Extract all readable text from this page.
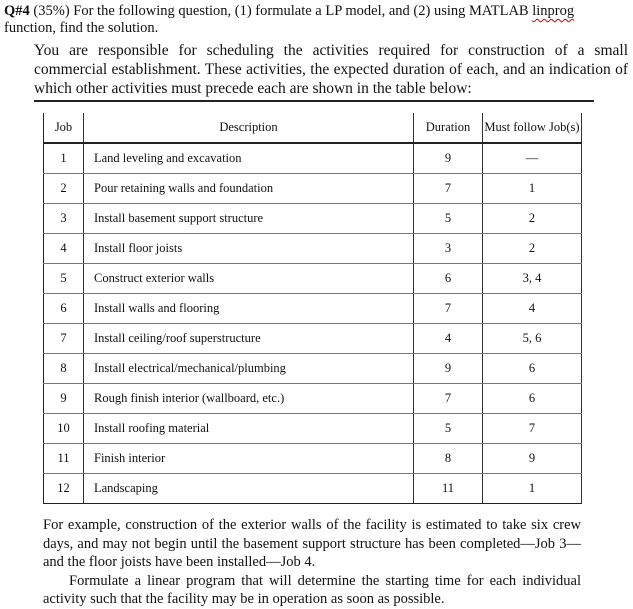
Q#4 (35%) For the following question, (1) formulate a LP model, and (2) using MATLAB linprog function, find the solution.
You are responsible for scheduling the activities required for construction of a small commercial establishment. These activities, the expected duration of each, and an indication of which other activities must precede each are shown in the table below:
Job	Description	Duration	Must follow Job(s)
1	Land leveling and excavation	9	—
2	Pour retaining walls and foundation	7	1
3	Install basement support structure	5	2
4	Install floor joists	3	2
5	Construct exterior walls	6	3, 4
6	Install walls and flooring	7	4
7	Install ceiling/roof superstructure	4	5, 6
8	Install electrical/mechanical/plumbing	9	6
9	Rough finish interior (wallboard, etc.)	7	6
10	Install roofing material	5	7
11	Finish interior	8	9
12	Landscaping	11	1

For example, construction of the exterior walls of the facility is estimated to take six crew days, and may not begin until the basement support structure has been completed—Job 3—and the floor joists have been installed—Job 4.

Formulate a linear program that will determine the starting time for each individual activity such that the facility may be in operation as soon as possible.
